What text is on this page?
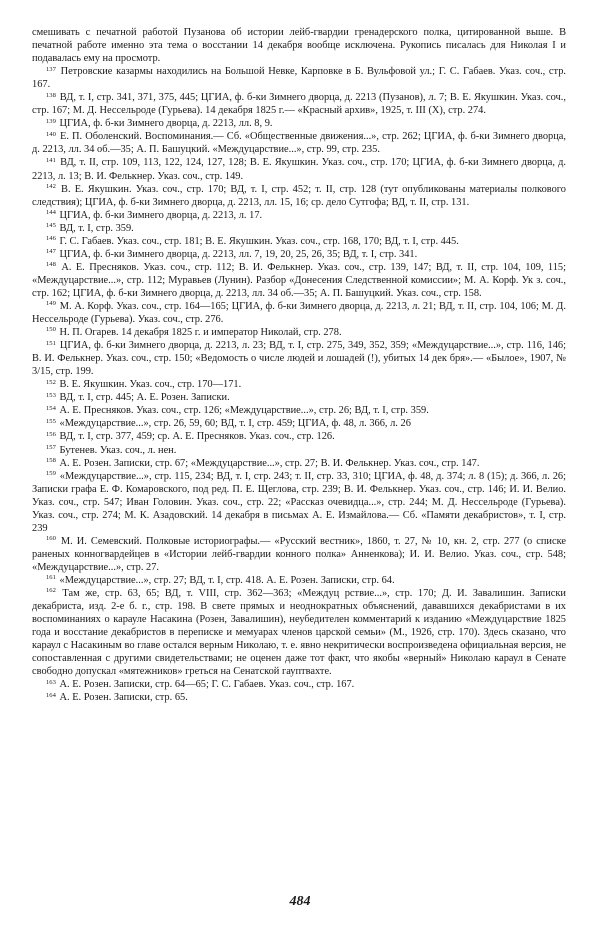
смешивать с печатной работой Пузанова об истории лейб-гвардии гренадерского полка, цитированной выше. В печатной работе именно эта тема о восстании 14 декабря вообще исключена. Рукопись писалась для Николая I и подавалась ему на просмотр.

$^{137}$ Петровские казармы находились на Большой Невке, Карповке в Б. Вульфовой ул.; Г. С. Габаев. Указ. соч., стр. 167.

$^{138}$ ВД, т. I, стр. 341, 371, 375, 445; ЦГИА, ф. б-ки Зимнего дворца, д. 2213 (Пузанов), л. 7; В. Е. Якушкин. Указ. соч., стр. 167; М. Д. Нессельроде (Гурьева). 14 декабря 1825 г.— «Красный архив», 1925, т. III (X), стр. 274.

$^{139}$ ЦГИА, ф. б-ки Зимнего дворца, д. 2213, лл. 8, 9.

$^{140}$ Е. П. Оболенский. Воспоминания.— Сб. «Общественные движения...», стр. 262; ЦГИА, ф. б-ки Зимнего дворца, д. 2213, лл. 34 об.—35; А. П. Башуцкий. «Междуцарствие...», стр. 99, стр. 235.

$^{141}$ ВД, т. II, стр. 109, 113, 122, 124, 127, 128; В. Е. Якушкин. Указ. соч., стр. 170; ЦГИА, ф. б-ки Зимнего дворца, д. 2213, л. 13; В. И. Фелькнер. Указ. соч., стр. 149.

$^{142}$ В. Е. Якушкин. Указ. соч., стр. 170; ВД, т. I, стр. 452; т. II, стр. 128 (тут опубликованы материалы полкового следствия); ЦГИА, ф. б-ки Зимнего дворца, д. 2213, лл. 15, 16; ср. дело Сутгофа; ВД, т. II, стр. 131.

$^{144}$ ЦГИА, ф. б-ки Зимнего дворца, д. 2213, л. 17.

$^{145}$ ВД, т. I, стр. 359.

$^{146}$ Г. С. Габаев. Указ. соч., стр. 181; В. Е. Якушкин. Указ. соч., стр. 168, 170; ВД, т. I, стр. 445.

$^{147}$ ЦГИА, ф. б-ки Зимнего дворца, д. 2213, лл. 7, 19, 20, 25, 26, 35; ВД, т. I, стр. 341.

$^{148}$ А. Е. Пресняков. Указ. соч., стр. 112; В. И. Фелькнер. Указ. соч., стр. 139, 147; ВД, т. II, стр. 104, 109, 115; «Междуцарствие...», стр. 112; Муравьев (Лунин). Разбор «Донесения Следственной комиссии»; М. А. Корф. Ук з. соч., стр. 162; ЦГИА, ф. б-ки Зимнего дворца, д. 2213, лл. 34 об.—35; А. П. Башуцкий. Указ. соч., стр. 158.

$^{149}$ М. А. Корф. Указ. соч., стр. 164—165; ЦГИА, ф. б-ки Зимнего дворца, д. 2213, л. 21; ВД, т. II, стр. 104, 106; М. Д. Нессельроде (Гурьева). Указ. соч., стр. 276.

$^{150}$ Н. П. Огарев. 14 декабря 1825 г. и император Николай, стр. 278.

$^{151}$ ЦГИА, ф. б-ки Зимнего дворца, д. 2213, л. 23; ВД, т. I, стр. 275, 349, 352, 359; «Междуцарствие...», стр. 116, 146; В. И. Фелькнер. Указ. соч., стр. 150; «Ведомость о числе людей и лошадей (!), убитых 14 дек бря».— «Былое», 1907, № 3/15, стр. 199.

$^{152}$ В. Е. Якушкин. Указ. соч., стр. 170—171.

$^{153}$ ВД, т. I, стр. 445; А. Е. Розен. Записки.

$^{154}$ А. Е. Пресняков. Указ. соч., стр. 126; «Междуцарствие...», стр. 26; ВД, т. I, стр. 359.

$^{155}$ «Междуцарствие...», стр. 26, 59, 60; ВД, т. I, стр. 459; ЦГИА, ф. 48, л. 366, л. 26

$^{156}$ ВД, т. I, стр. 377, 459; ср. А. Е. Пресняков. Указ. соч., стр. 126.

$^{157}$ Бутенев. Указ. соч., л. нен.

$^{158}$ А. Е. Розен. Записки, стр. 67; «Междуцарствие...», стр. 27; В. И. Фелькнер. Указ. соч., стр. 147.

$^{159}$ «Междуцарствие...», стр. 115, 234; ВД, т. I, стр. 243; т. II, стр. 33, 310; ЦГИА, ф. 48, д. 374; л. 8 (15); д. 366, л. 26; Записки графа Е. Ф. Комаровского, под ред. П. Е. Щеглова, стр. 239; В. И. Фелькнер. Указ. соч., стр. 146; И. И. Велио. Указ. соч., стр. 547; Иван Головин. Указ. соч., стр. 22; «Рассказ очевидца...», стр. 244; М. Д. Нессельроде (Гурьева). Указ. соч., стр. 274; М. К. Азадовский. 14 декабря в письмах А. Е. Измайлова.— Сб. «Памяти декабристов», т. I, стр. 239

$^{160}$ М. И. Семевский. Полковые историографы.— «Русский вестник», 1860, т. 27, № 10, кн. 2, стр. 277 (о списке раненых конногвардейцев в «Истории лейб-гвардии конного полка» Анненкова); И. И. Велио. Указ. соч., стр. 548; «Междуцарствие...», стр. 27.

$^{161}$ «Междуцарствие...», стр. 27; ВД, т. I, стр. 418. А. Е. Розен. Записки, стр. 64.

$^{162}$ Там же, стр. 63, 65; ВД, т. VIII, стр. 362—363; «Междуц рствие...», стр. 170; Д. И. Завалишин. Записки декабриста, изд. 2-е б. г., стр. 198. В свете прямых и неоднократных объяснений, дававшихся декабристами в их воспоминаниях о карауле Насакина (Розен, Завалишин), неубедителен комментарий к изданию «Междуцарствие 1825 года и восстание декабристов в переписке и мемуарах членов царской семьи» (М., 1926, стр. 170). Здесь сказано, что караул с Насакиным во главе остался верным Николаю, т. е. явно некритически воспроизведена официальная версия, не сопоставленная с другими свидетельствами; не оценен даже тот факт, что якобы «верный» Николаю караул в Сенате свободно допускал «мятежников» греться на Сенатской гауптвахте.

$^{163}$ А. Е. Розен. Записки, стр. 64—65; Г. С. Габаев. Указ. соч., стр. 167.

$^{164}$ А. Е. Розен. Записки, стр. 65.

484
